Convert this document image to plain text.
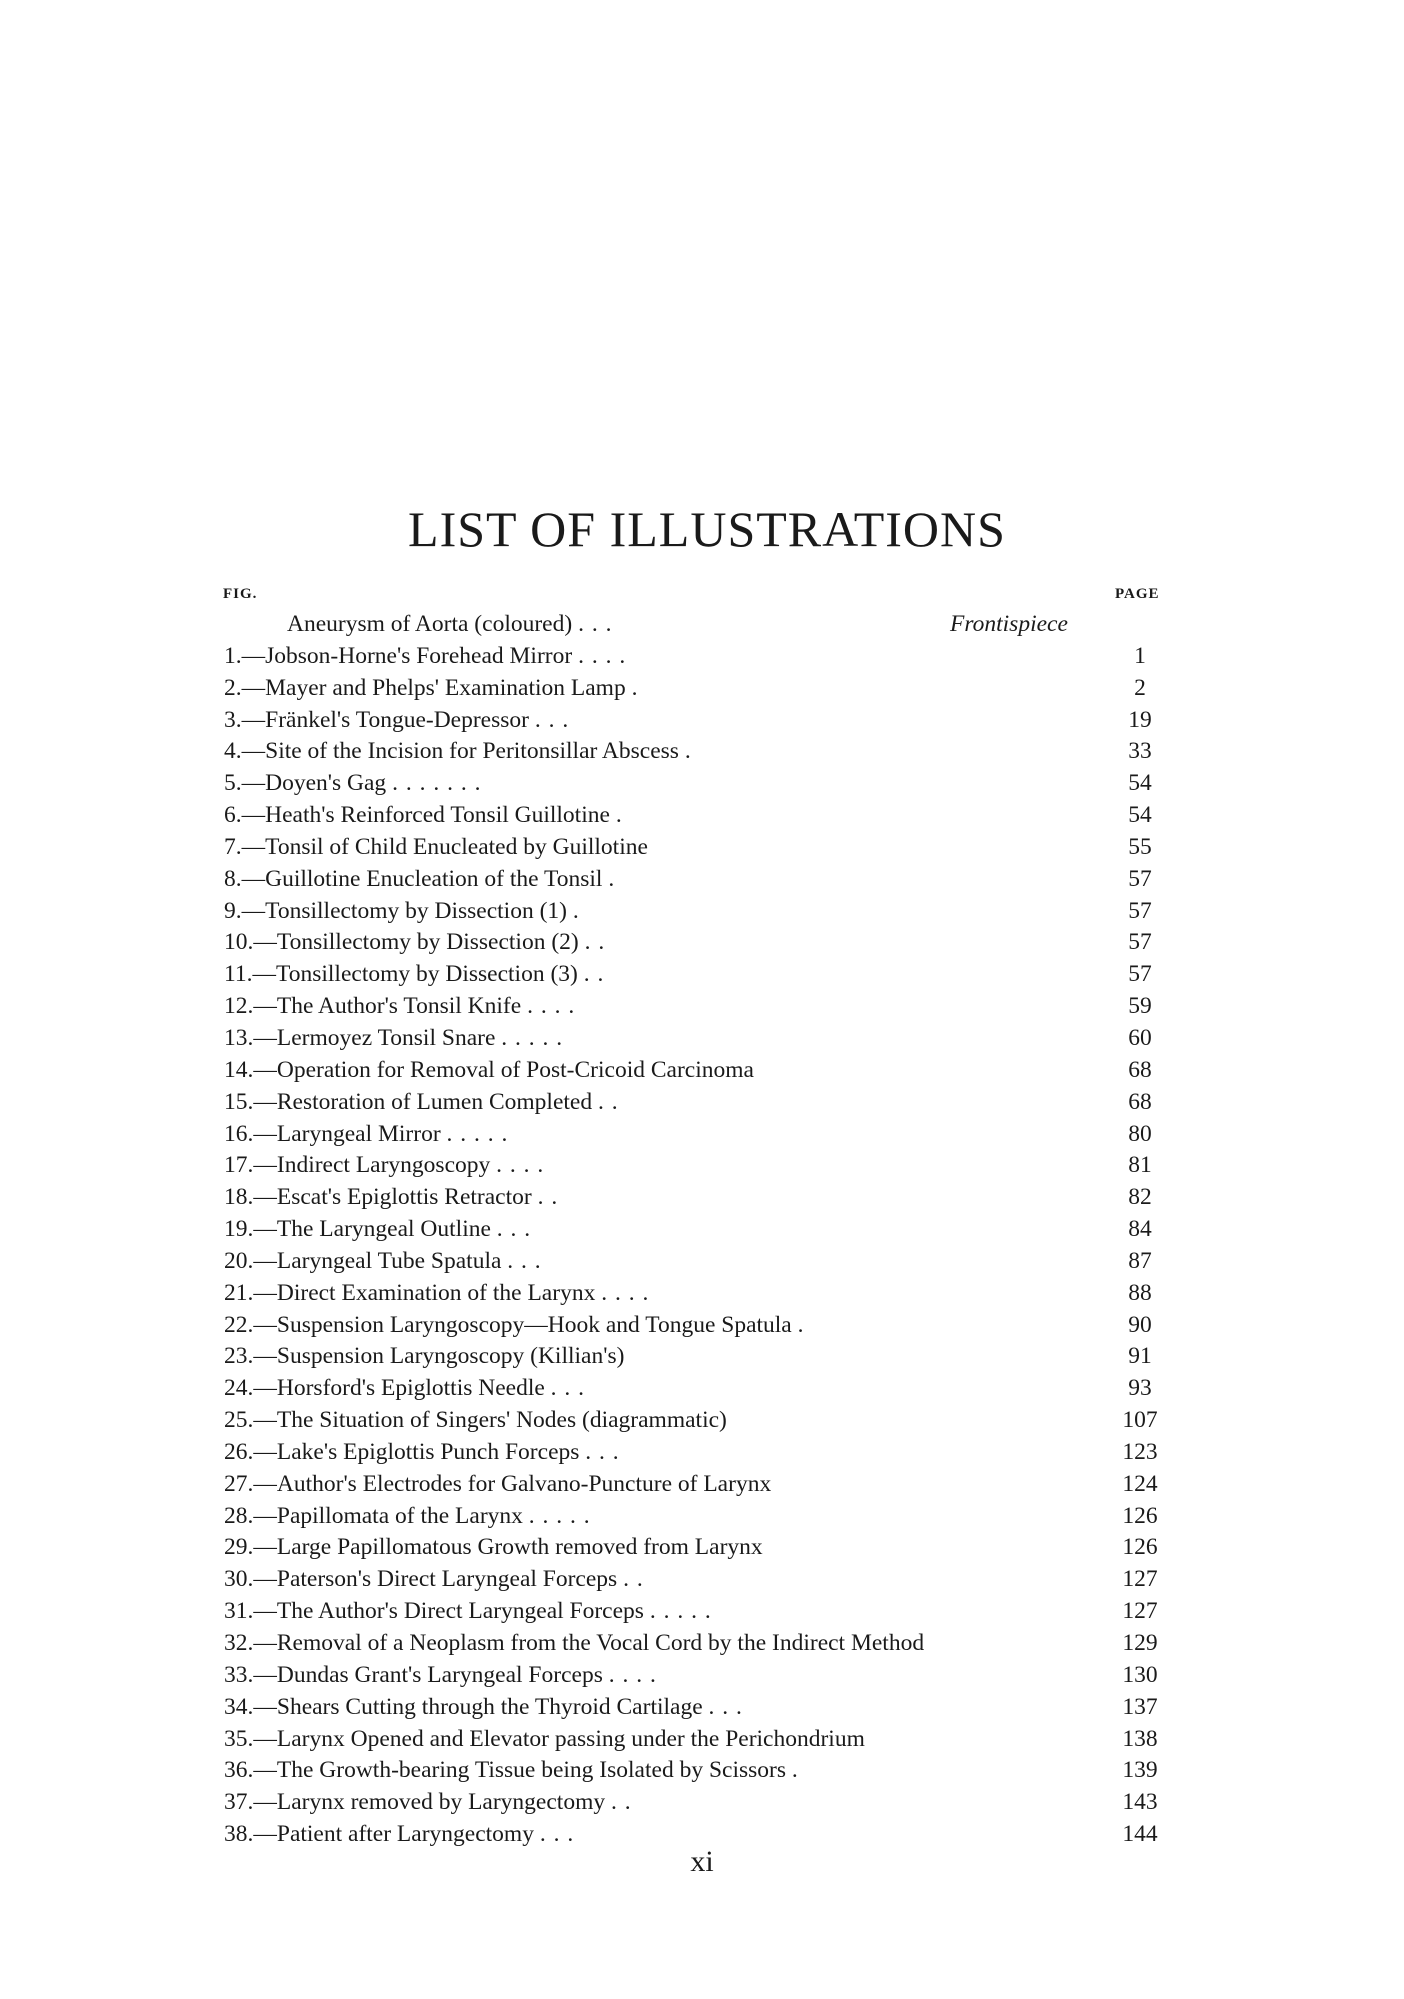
LIST OF ILLUSTRATIONS
FIG.	PAGE
Aneurysm of Aorta (coloured) . . .	Frontispiece
1.—Jobson-Horne's Forehead Mirror . . . .	1
2.—Mayer and Phelps' Examination Lamp .	2
3.—Fränkel's Tongue-Depressor . . .	19
4.—Site of the Incision for Peritonsillar Abscess .	33
5.—Doyen's Gag . . . . . . .	54
6.—Heath's Reinforced Tonsil Guillotine .	54
7.—Tonsil of Child Enucleated by Guillotine	55
8.—Guillotine Enucleation of the Tonsil .	57
9.—Tonsillectomy by Dissection (1) .	57
10.—Tonsillectomy by Dissection (2) . .	57
11.—Tonsillectomy by Dissection (3) . .	57
12.—The Author's Tonsil Knife . . . .	59
13.—Lermoyez Tonsil Snare . . . . .	60
14.—Operation for Removal of Post-Cricoid Carcinoma	68
15.—Restoration of Lumen Completed . .	68
16.—Laryngeal Mirror . . . . .	80
17.—Indirect Laryngoscopy . . . .	81
18.—Escat's Epiglottis Retractor . .	82
19.—The Laryngeal Outline . . .	84
20.—Laryngeal Tube Spatula . . .	87
21.—Direct Examination of the Larynx . . . .	88
22.—Suspension Laryngoscopy—Hook and Tongue Spatula .	90
23.—Suspension Laryngoscopy (Killian's)	91
24.—Horsford's Epiglottis Needle . . .	93
25.—The Situation of Singers' Nodes (diagrammatic)	107
26.—Lake's Epiglottis Punch Forceps . . .	123
27.—Author's Electrodes for Galvano-Puncture of Larynx	124
28.—Papillomata of the Larynx . . . . .	126
29.—Large Papillomatous Growth removed from Larynx	126
30.—Paterson's Direct Laryngeal Forceps . .	127
31.—The Author's Direct Laryngeal Forceps . . . . .	127
32.—Removal of a Neoplasm from the Vocal Cord by the Indirect Method	129
33.—Dundas Grant's Laryngeal Forceps . . . .	130
34.—Shears Cutting through the Thyroid Cartilage . . .	137
35.—Larynx Opened and Elevator passing under the Perichondrium	138
36.—The Growth-bearing Tissue being Isolated by Scissors .	139
37.—Larynx removed by Laryngectomy . .	143
38.—Patient after Laryngectomy . . .	144
xi
